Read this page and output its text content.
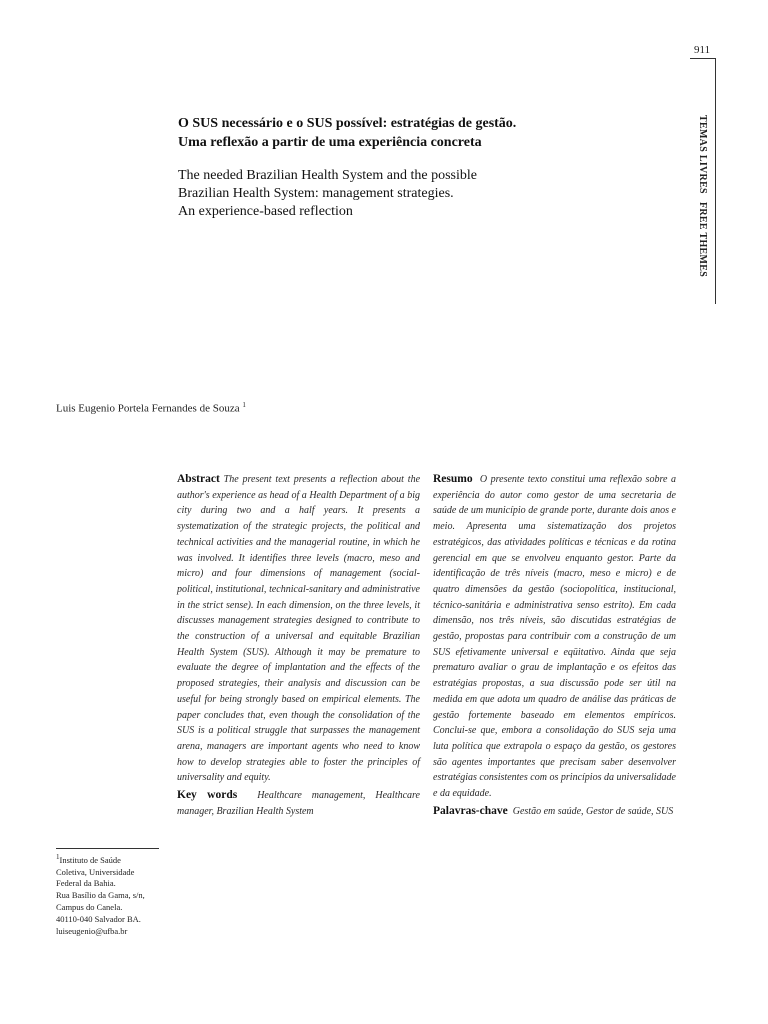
911
TEMAS LIVRESFREE THEMES
O SUS necessário e o SUS possível: estratégias de gestão.
Uma reflexão a partir de uma experiência concreta
The needed Brazilian Health System and the possible
Brazilian Health System: management strategies.
An experience-based reflection
Luis Eugenio Portela Fernandes de Souza $^1$
Abstract The present text presents a reflection about the author's experience as head of a Health Department of a big city during two and a half years. It presents a systematization of the strategic projects, the political and technical activities and the managerial routine, in which he was involved. It identifies three levels (macro, meso and micro) and four dimensions of management (social-political, institutional, technical-sanitary and administrative in the strict sense). In each dimension, on the three levels, it discusses management strategies designed to contribute to the construction of a universal and equitable Brazilian Health System (SUS). Although it may be premature to evaluate the degree of implantation and the effects of the proposed strategies, their analysis and discussion can be useful for being strongly based on empirical elements. The paper concludes that, even though the consolidation of the SUS is a political struggle that surpasses the management arena, managers are important agents who need to know how to develop strategies able to foster the principles of universality and equity.
Key words Healthcare management, Healthcare manager, Brazilian Health System
Resumo O presente texto constitui uma reflexão sobre a experiência do autor como gestor de uma secretaria de saúde de um município de grande porte, durante dois anos e meio. Apresenta uma sistematização dos projetos estratégicos, das atividades políticas e técnicas e da rotina gerencial em que se envolveu enquanto gestor. Parte da identificação de três níveis (macro, meso e micro) e de quatro dimensões da gestão (sociopolítica, institucional, técnico-sanitária e administrativa senso estrito). Em cada dimensão, nos três níveis, são discutidas estratégias de gestão, propostas para contribuir com a construção de um SUS efetivamente universal e eqüitativo. Ainda que seja prematuro avaliar o grau de implantação e os efeitos das estratégias propostas, a sua discussão pode ser útil na medida em que adota um quadro de análise das práticas de gestão fortemente baseado em elementos empíricos. Conclui-se que, embora a consolidação do SUS seja uma luta política que extrapola o espaço da gestão, os gestores são agentes importantes que precisam saber desenvolver estratégias consistentes com os princípios da universalidade e da equidade.
Palavras-chave Gestão em saúde, Gestor de saúde, SUS
$^1$Instituto de Saúde
Coletiva, Universidade
Federal da Bahia.
Rua Basílio da Gama, s/n,
Campus do Canela.
40110-040 Salvador BA.
luiseugenio@ufba.br
